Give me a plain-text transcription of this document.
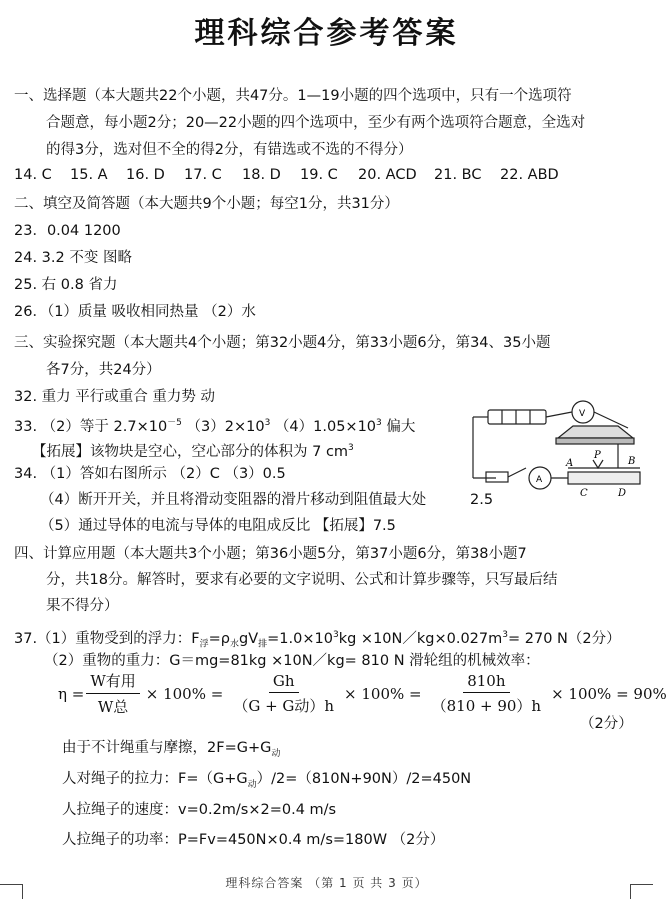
理科综合参考答案
一、选择题（本大题共22个小题，共47分。1—19小题的四个选项中，只有一个选项符
合题意，每小题2分；20—22小题的四个选项中，至少有两个选项符合题意，全选对
的得3分，选对但不全的得2分，有错选或不选的不得分）
14. C 15. A 16. D 17. C 18. D 19. C 20. ACD 21. BC 22. ABD
二、填空及简答题（本大题共9个小题；每空1分，共31分）
23．0.04 1200
24. 3.2 不变 图略
25. 右 0.8 省力
26．（1）质量 吸收相同热量 （2）水
三、实验探究题（本大题共4个小题；第32小题4分，第33小题6分，第34、35小题
各7分，共24分）
32. 重力 平行或重合 重力势 动
33. （2）等于 $2.7\times 10^{-5}$ $(3)2\times 10^3$ $(4)1.05\times 10^3$ 偏大
【拓展】该物块是空心，空心部分的体积为 7 $cm^3$
34. （1）答如右图所示 （2）C （3）0.5
（4）断开开关，并且将滑动变阻器的滑片移动到阻值最大处	2.5
（5）通过导体的电流与导体的电阻成反比 【拓展】7.5
V
A
A
P
B
C	D
四、计算应用题（本大题共3个小题；第36小题5分，第37小题6分，第38小题7
分，共18分。解答时，要求有必要的文字说明、公式和计算步骤等，只写最后结
果不得分）
37.（1）重物受到的浮力：$F_浮=\rho_水gV_排=1.0\times 10^3kg$ $\times 10N/kg\times 0.027m^3= 270$ N（2分）
（2）重物的重力：G＝mg=81kg ×10N／kg= 810 N 滑轮组的机械效率：
$\eta = \frac{\text{W有用}}{\text{W总}} \times 100\% = \frac{Gh}{\text{（G + G动）h}} \times 100\% = \frac{810h}{(810 + 90)h} \times 100\% = 90\%$
（2分）
由于不计绳重与摩擦，$2F=G+G_动$
人对绳子的拉力：$F=(G+G_动)/2=(810N+90N)/2=450N$
人拉绳子的速度：v=0.2m/s×2=0.4 m/s
人拉绳子的功率：P=Fv=450N×0.4 m/s=180W （2分）
理科综合答案 （第 1 页 共 3 页）
